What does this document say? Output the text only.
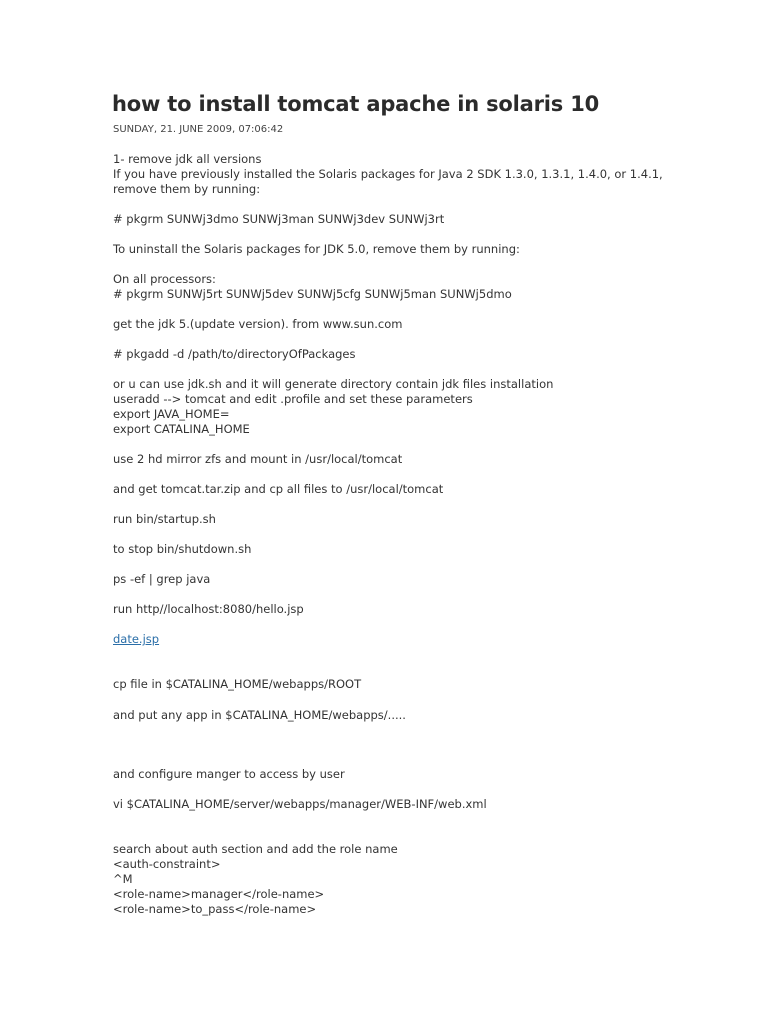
how to install tomcat apache in solaris 10
SUNDAY, 21. JUNE 2009, 07:06:42
1- remove jdk all versions
If you have previously installed the Solaris packages for Java 2 SDK 1.3.0, 1.3.1, 1.4.0, or 1.4.1,
remove them by running:
# pkgrm SUNWj3dmo SUNWj3man SUNWj3dev SUNWj3rt
To uninstall the Solaris packages for JDK 5.0, remove them by running:
On all processors:
# pkgrm SUNWj5rt SUNWj5dev SUNWj5cfg SUNWj5man SUNWj5dmo
get the jdk 5.(update version). from www.sun.com
# pkgadd -d /path/to/directoryOfPackages
or u can use jdk.sh and it will generate directory contain jdk files installation
useradd --> tomcat and edit .profile and set these parameters
export JAVA_HOME=
export CATALINA_HOME
use 2 hd mirror zfs and mount in /usr/local/tomcat
and get tomcat.tar.zip and cp all files to /usr/local/tomcat
run bin/startup.sh
to stop bin/shutdown.sh
ps -ef | grep java
run http//localhost:8080/hello.jsp
date.jsp
cp file in $CATALINA_HOME/webapps/ROOT
and put any app in $CATALINA_HOME/webapps/.....
and configure manger to access by user
vi $CATALINA_HOME/server/webapps/manager/WEB-INF/web.xml
search about auth section and add the role name
<auth-constraint>
^M
<role-name>manager</role-name>
<role-name>to_pass</role-name>
